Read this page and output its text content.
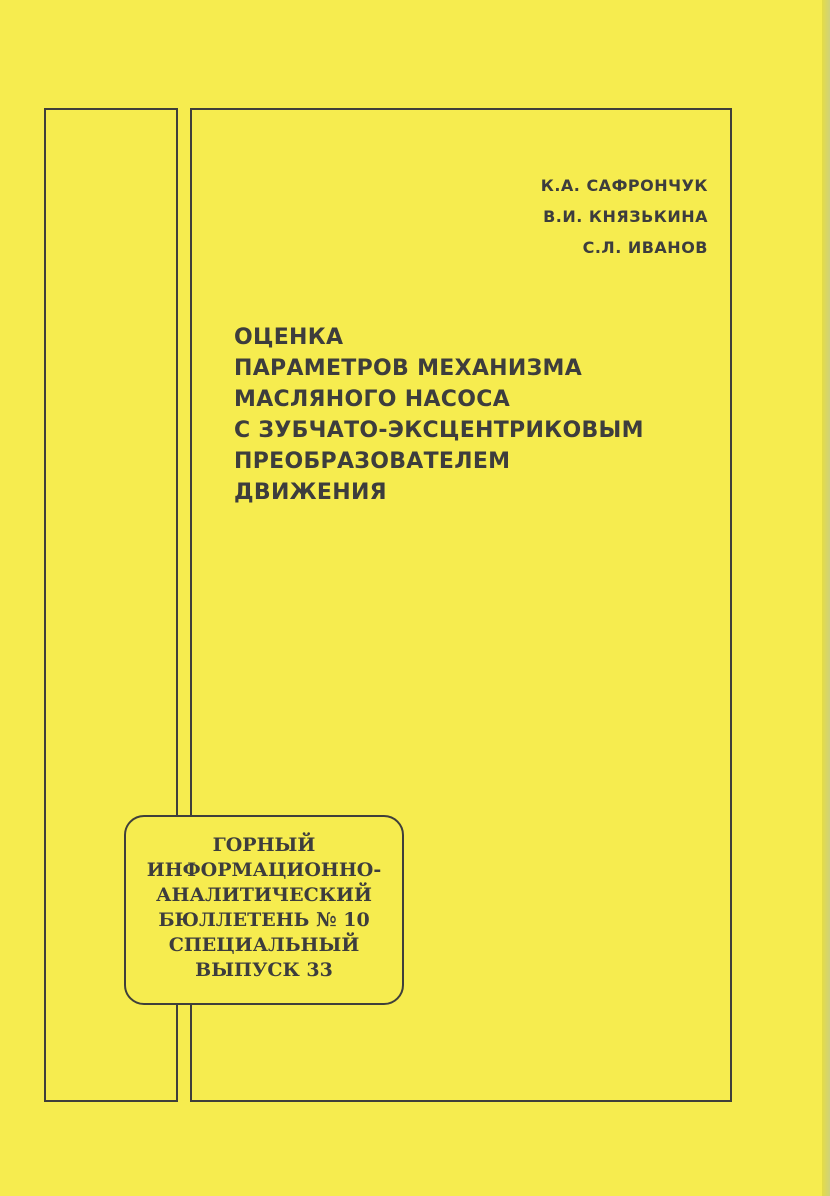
К.А. САФРОНЧУК
В.И. КНЯЗЬКИНА
С.Л. ИВАНОВ
ОЦЕНКА
ПАРАМЕТРОВ МЕХАНИЗМА
МАСЛЯНОГО НАСОСА
С ЗУБЧАТО-ЭКСЦЕНТРИКОВЫМ
ПРЕОБРАЗОВАТЕЛЕМ
ДВИЖЕНИЯ
ГОРНЫЙ
ИНФОРМАЦИОННО-
АНАЛИТИЧЕСКИЙ
БЮЛЛЕТЕНЬ № 10
СПЕЦИАЛЬНЫЙ
ВЫПУСК 33
